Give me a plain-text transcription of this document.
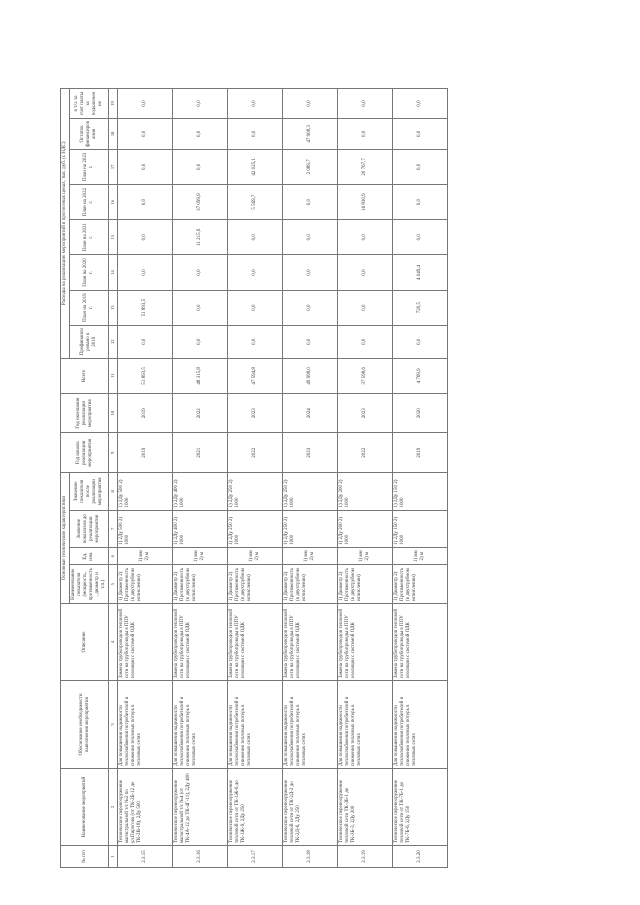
№ п/п	Наименование мероприятий	Обоснование необходимости выполнения мероприятия	Описание	Основные технические характеристики				Год начала реализации мероприятия	Год окончания реализации мероприятия	Всего	Расходы на реализацию мероприятий в прогнозных ценах, тыс. руб. (с НДС)							
				Наименование показателя (мощность, протяженность, диаметр и т.п.)	Ед. изм.	Значение показателя до реализации мероприятия	Значение показателя после реализации мероприятия				Профинансировано к 2019	План на 2019 г.	План на 2020 г.	План на 2021 г.	План на 2022 г.	План на 2023 г.	Остаток финансирования	в т.ч. за счет платы за подключение
1	2	3	4	5	6	7	8	9	10	11	12	13	14	15	16	17	18	19
2.3.15	Техническое перевооружение магистральной т/с №2 по ул.Пирогова (от ТК-2Б-12 до ТК-2В-18), 2Ду 500	Для повышения надежности теплоснабжения потребителей и снижения тепловых потерь в тепловых сетях	Замена трубопроводов тепловой сети на трубопроводы в ППУ изоляции с системой ОДК	1) Диаметр 2) Протяженность (в двухтрубном исчислении)	1) мм 2) м	1) 2Ду 500 2) 1000	1) 2Ду 500 2) 1000	2019	2019	51 893,5	0,0	51 893,5	0,0	0,0	0,0	0,0	0,0	0,0
2.3.16	Техническое перевооружение магистральной т/с №4 (от ТК-4А-12 до ТК-4Г-11), 2Ду 400	Для повышения надежности теплоснабжения потребителей и снижения тепловых потерь в тепловых сетях	Замена трубопроводов тепловой сети на трубопроводы в ППУ изоляции с системой ОДК	1) Диаметр 2) Протяженность (в двухтрубном исчислении)	1) мм 2) м	1) 2Ду 400 2) 1000	1) 2Ду 400 2) 1000	2021	2022	48 315,8	0,0	0,0	0,0	11 215,9	37 099,9	0,0	0,0	0,0
2.3.17	Техническое перевооружение тепловой сети от ТК-1Ж-6 до ТК-1Ж-9, 2Ду 250	Для повышения надежности теплоснабжения потребителей и снижения тепловых потерь в тепловых сетях	Замена трубопроводов тепловой сети на трубопроводы в ППУ изоляции с системой ОДК	1) Диаметр 2) Протяженность (в двухтрубном исчислении)	1) мм 2) м	1) 2Ду 250 2) 1000	1) 2Ду 250 2) 1000	2022	2023	47 594,8	0,0	0,0	0,0	0,0	5 569,7	42 025,1	0,0	0,0
2.3.18	Техническое перевооружение тепловой сети от ТК-2Д-2 до ТК-2Д-6, 2Ду 250	Для повышения надежности теплоснабжения потребителей и снижения тепловых потерь в тепловых сетях	Замена трубопроводов тепловой сети на трубопроводы в ППУ изоляции с системой ОДК	1) Диаметр 2) Протяженность (в двухтрубном исчислении)	1) мм 2) м	1) 2Ду 250 2) 1000	1) 2Ду 250 2) 1000	2023	2024	49 998,0	0,0	0,0	0,0	0,0	0,0	2 089,7	47 908,3	0,0
2.3.19	Техническое перевооружение тепловой сети ТК-3Б-1 до ТК-3Б-3, 2Ду 200	Для повышения надежности теплоснабжения потребителей и снижения тепловых потерь в тепловых сетях	Замена трубопроводов тепловой сети на трубопроводы в ППУ изоляции с системой ОДК	1) Диаметр 2) Протяженность (в двухтрубном исчислении)	1) мм 2) м	1) 2Ду 200 2) 1000	1) 2Ду 200 2) 1000	2022	2023	37 598,6	0,0	0,0	0,0	0,0	16 830,9	20 767,7	0,0	0,0
2.3.20	Техническое перевооружение тепловой сети от ТК-7Б-1 до ТК-7Б-6, 2Ду 150	Для повышения надежности теплоснабжения потребителей и снижения тепловых потерь в тепловых сетях	Замена трубопроводов тепловой сети на трубопроводы в ППУ изоляции с системой ОДК	1) Диаметр 2) Протяженность (в двухтрубном исчислении)	1) мм 2) м	1) 2Ду 150 2) 1000	1) 2Ду 150 2) 1000	2019	2020	4 769,9	0,0	720,5	4 049,4	0,0	0,0	0,0	0,0	0,0
